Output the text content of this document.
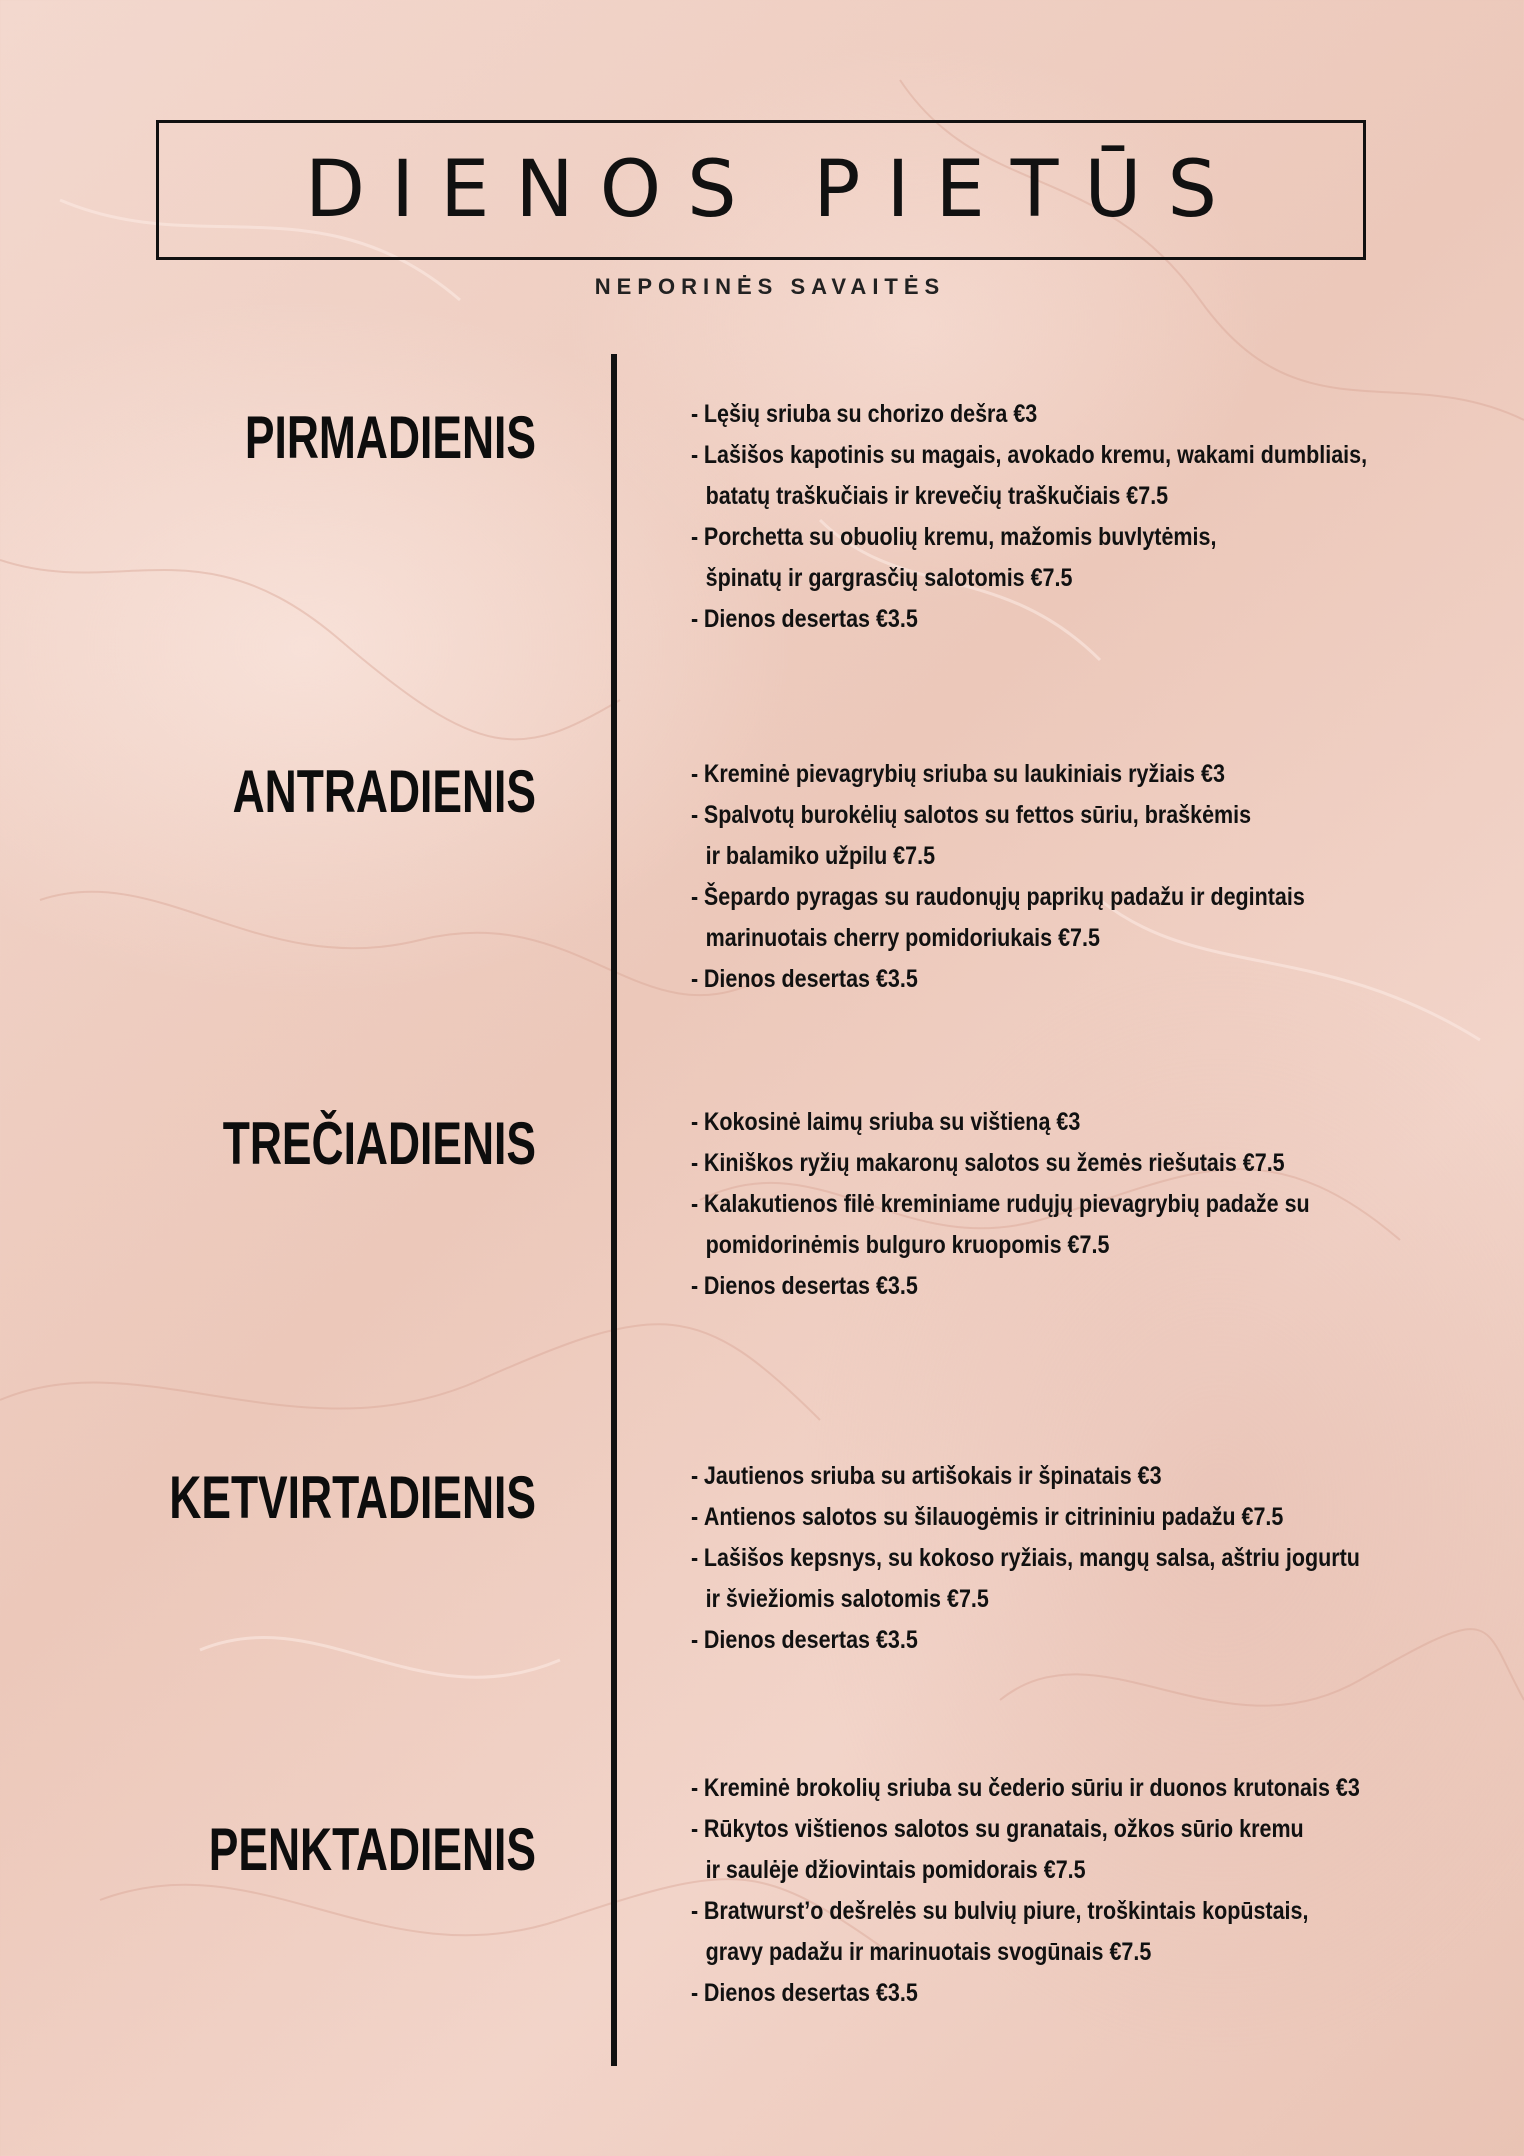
DIENOS PIETŪS
NEPORINĖS SAVAITĖS
PIRMADIENIS	- Lęšių sriuba su chorizo dešra €3
- Lašišos kapotinis su magais, avokado kremu, wakami dumbliais,
batatų traškučiais ir krevečių traškučiais €7.5
- Porchetta su obuolių kremu, mažomis buvlytėmis,
špinatų ir gargrasčių salotomis €7.5
- Dienos desertas €3.5
ANTRADIENIS	- Kreminė pievagrybių sriuba su laukiniais ryžiais €3
- Spalvotų burokėlių salotos su fettos sūriu, braškėmis
ir balamiko užpilu €7.5
- Šepardo pyragas su raudonųjų paprikų padažu ir degintais
marinuotais cherry pomidoriukais €7.5
- Dienos desertas €3.5
TREČIADIENIS	- Kokosinė laimų sriuba su vištieną €3
- Kiniškos ryžių makaronų salotos su žemės riešutais €7.5
- Kalakutienos filė kreminiame rudųjų pievagrybių padaže su
pomidorinėmis bulguro kruopomis €7.5
- Dienos desertas €3.5
KETVIRTADIENIS	- Jautienos sriuba su artišokais ir špinatais €3
- Antienos salotos su šilauogėmis ir citrininiu padažu €7.5
- Lašišos kepsnys, su kokoso ryžiais, mangų salsa, aštriu jogurtu
ir šviežiomis salotomis €7.5
- Dienos desertas €3.5
PENKTADIENIS
- Kreminė brokolių sriuba su čederio sūriu ir duonos krutonais €3
- Rūkytos vištienos salotos su granatais, ožkos sūrio kremu
ir saulėje džiovintais pomidorais €7.5
- Bratwurst’o dešrelės su bulvių piure, troškintais kopūstais,
gravy padažu ir marinuotais svogūnais €7.5
- Dienos desertas €3.5
